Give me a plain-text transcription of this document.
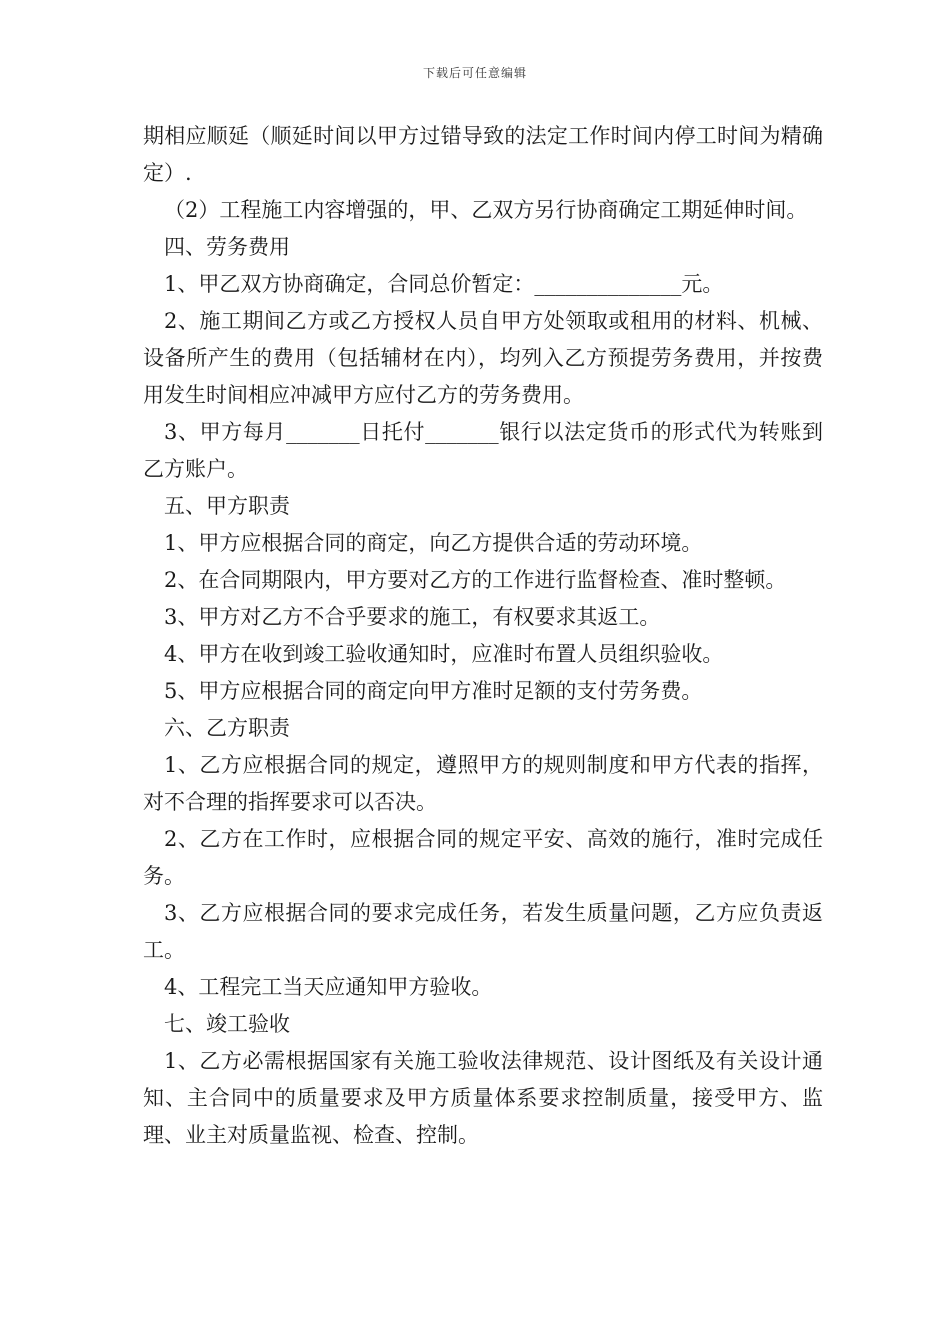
下载后可任意编辑

期相应顺延（顺延时间以甲方过错导致的法定工作时间内停工时间为精确定）.

（2）工程施工内容增强的，甲、乙双方另行协商确定工期延伸时间。

四、劳务费用

1、甲乙双方协商确定，合同总价暂定：______________元。

2、施工期间乙方或乙方授权人员自甲方处领取或租用的材料、机械、设备所产生的费用（包括辅材在内），均列入乙方预提劳务费用，并按费用发生时间相应冲减甲方应付乙方的劳务费用。

3、甲方每月_______日托付_______银行以法定货币的形式代为转账到乙方账户。

五、甲方职责

1、甲方应根据合同的商定，向乙方提供合适的劳动环境。

2、在合同期限内，甲方要对乙方的工作进行监督检查、准时整顿。

3、甲方对乙方不合乎要求的施工，有权要求其返工。

4、甲方在收到竣工验收通知时，应准时布置人员组织验收。

5、甲方应根据合同的商定向甲方准时足额的支付劳务费。

六、乙方职责

1、乙方应根据合同的规定，遵照甲方的规则制度和甲方代表的指挥，对不合理的指挥要求可以否决。

2、乙方在工作时，应根据合同的规定平安、高效的施行，准时完成任务。

3、乙方应根据合同的要求完成任务，若发生质量问题，乙方应负责返工。

4、工程完工当天应通知甲方验收。

七、竣工验收

1、乙方必需根据国家有关施工验收法律规范、设计图纸及有关设计通知、主合同中的质量要求及甲方质量体系要求控制质量，接受甲方、监理、业主对质量监视、检查、控制。
